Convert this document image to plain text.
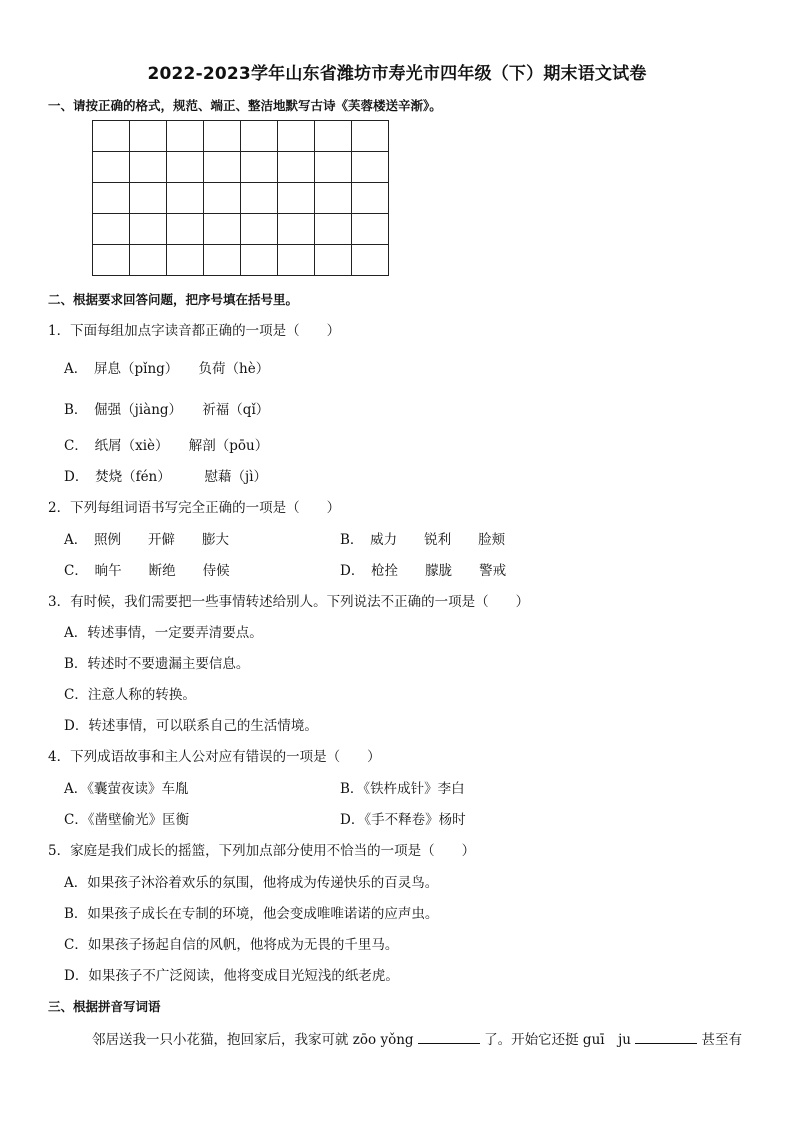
2022-2023学年山东省潍坊市寿光市四年级（下）期末语文试卷
一、请按正确的格式，规范、端正、整洁地默写古诗《芙蓉楼送辛渐》。

二、根据要求回答问题，把序号填在括号里。
1．下面每组加点字读音都正确的一项是（　　）
A．　屏息（pǐng）　　负荷（hè）
B．　倔强（jiàng）　　祈福（qǐ）
C．　纸屑（xiè）　　解剖（pōu）
D．　焚烧（fén）　　　慰藉（jì）
2．下列每组词语书写完全正确的一项是（　　）
A．　照例　　开僻　　膨大	B．　威力　　锐利　　脸颊
C．　晌午　　断绝　　侍候	D．　枪拴　　朦胧　　警戒
3．有时候，我们需要把一些事情转述给别人。下列说法不正确的一项是（　　）
A．转述事情，一定要弄清要点。
B．转述时不要遗漏主要信息。
C．注意人称的转换。
D．转述事情，可以联系自己的生活情境。
4．下列成语故事和主人公对应有错误的一项是（　　）
A．《囊萤夜读》车胤	B．《铁杵成针》李白
C．《凿壁偷光》匡衡	D．《手不释卷》杨时
5．家庭是我们成长的摇篮，下列加点部分使用不恰当的一项是（　　）
A．如果孩子沐浴着欢乐的氛围，他将成为传递快乐的百灵鸟。
B．如果孩子成长在专制的环境，他会变成唯唯诺诺的应声虫。
C．如果孩子扬起自信的风帆，他将成为无畏的千里马。
D．如果孩子不广泛阅读，他将变成目光短浅的纸老虎。
三、根据拼音写词语
邻居送我一只小花猫，抱回家后，我家可就 zōo yǒng	了。开始它还挺 guī　ju	甚至有
